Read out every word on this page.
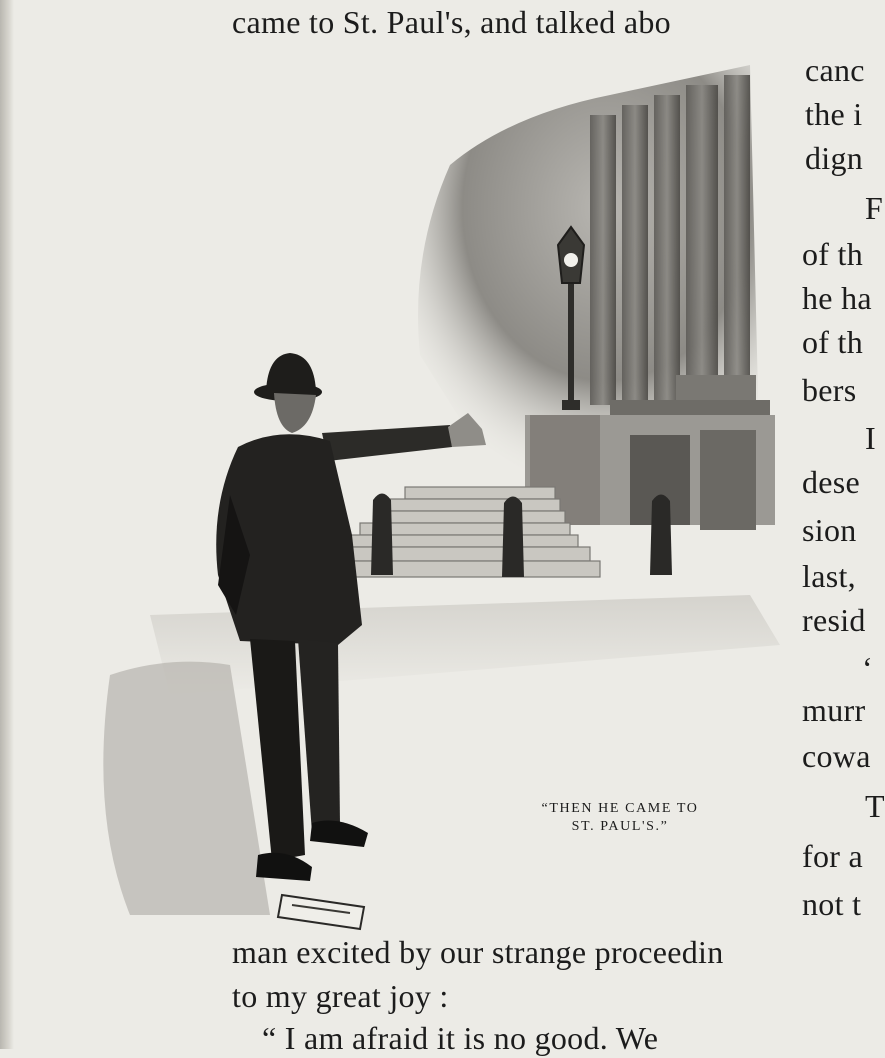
came to St. Paul's, and talked abo
canc
the i
dign
F
of th
he ha
of th
bers
I
dese
sion
last,
resid
‘
murr
cowa
T
for a
not t
man excited by our strange proceedin
to my great joy :
“ I am afraid it is no good. We
“THEN HE CAME TO
ST. PAUL'S.”
